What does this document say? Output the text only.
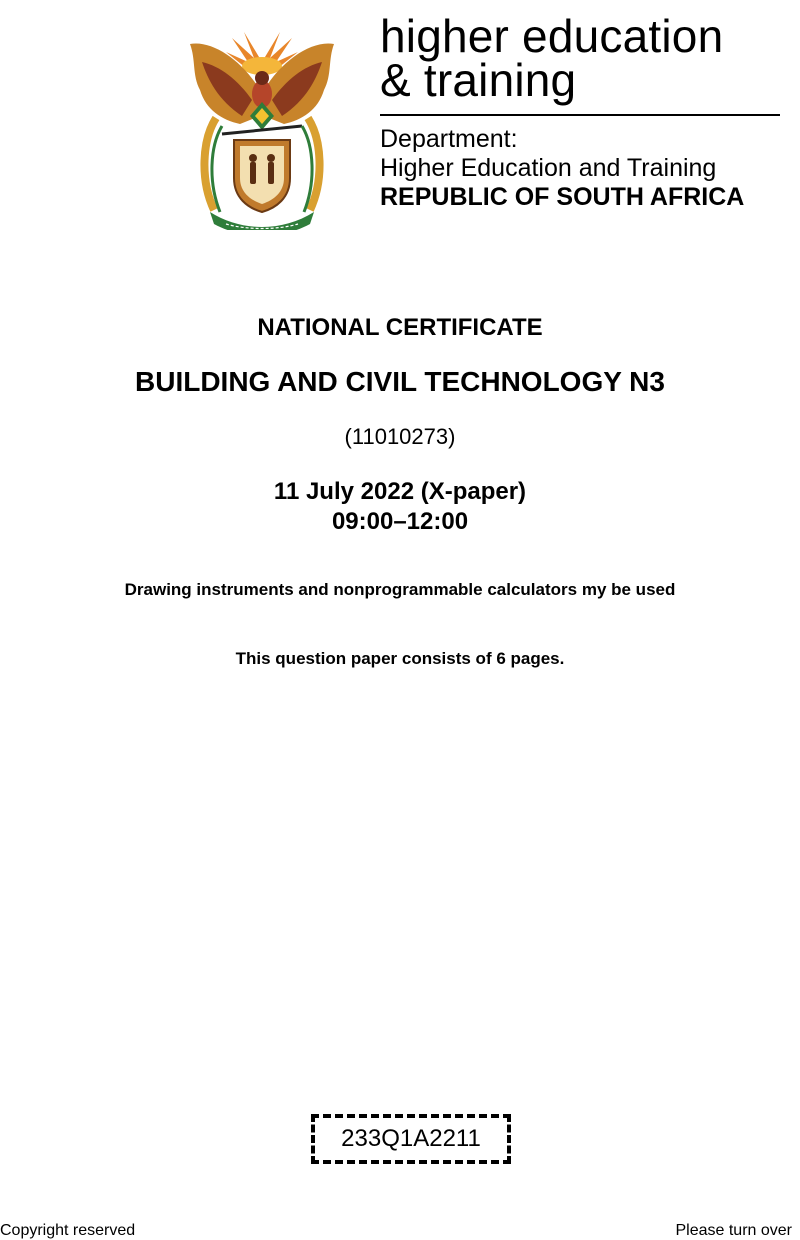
higher education
& training
Department:
Higher Education and Training
REPUBLIC OF SOUTH AFRICA
NATIONAL CERTIFICATE
BUILDING AND CIVIL TECHNOLOGY N3
(11010273)
11 July 2022 (X-paper)
09:00–12:00
Drawing instruments and nonprogrammable calculators my be used
This question paper consists of 6 pages.
233Q1A2211
Copyright reserved	Please turn over
